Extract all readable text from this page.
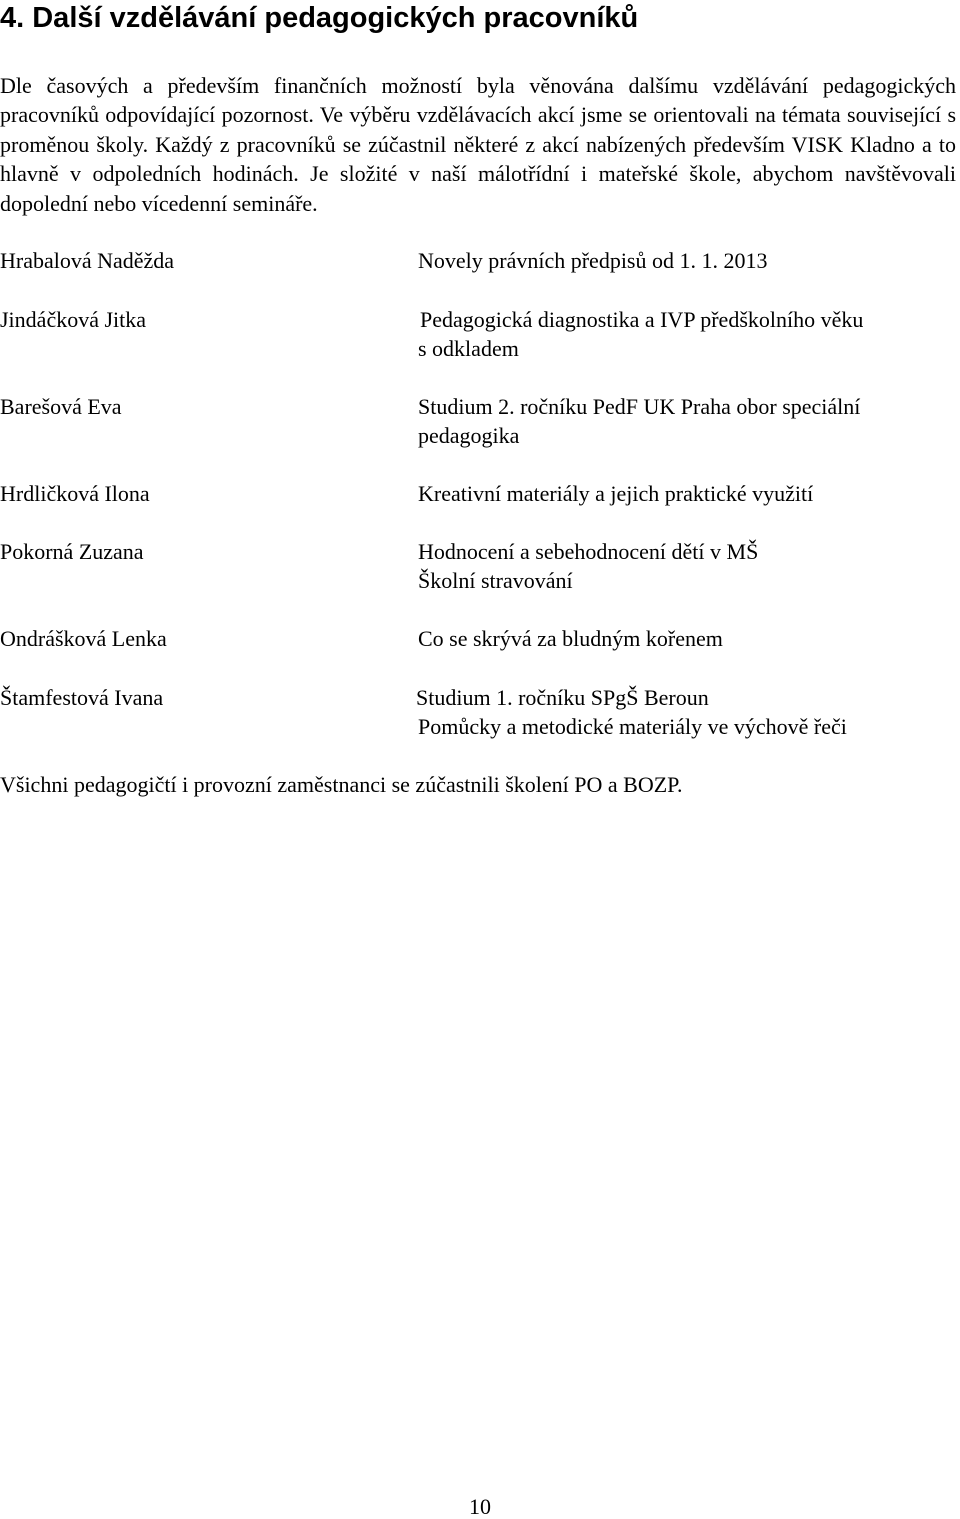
4. Další vzdělávání pedagogických pracovníků

Dle časových a především finančních možností byla věnována dalšímu vzdělávání pedagogických pracovníků odpovídající pozornost. Ve výběru vzdělávacích akcí jsme se orientovali na témata související s proměnou školy. Každý z pracovníků se zúčastnil některé z akcí nabízených především VISK Kladno a to hlavně v odpoledních hodinách. Je složité v naší málotřídní i mateřské škole, abychom navštěvovali dopolední nebo vícedenní semináře.

Hrabalová Naděžda	Novely právních předpisů od 1. 1. 2013
Jindáčková Jitka	Pedagogická diagnostika a IVP předškolního věku
s odkladem
Barešová Eva	Studium 2. ročníku PedF UK Praha obor speciální
pedagogika
Hrdličková Ilona	Kreativní materiály a jejich praktické využití
Pokorná Zuzana	Hodnocení a sebehodnocení dětí v MŠ
Školní stravování
Ondrášková Lenka	Co se skrývá za bludným kořenem
Štamfestová Ivana	Studium 1. ročníku SPgŠ Beroun
Pomůcky a metodické materiály ve výchově řeči

Všichni pedagogičtí i provozní zaměstnanci se zúčastnili školení PO a BOZP.

10
